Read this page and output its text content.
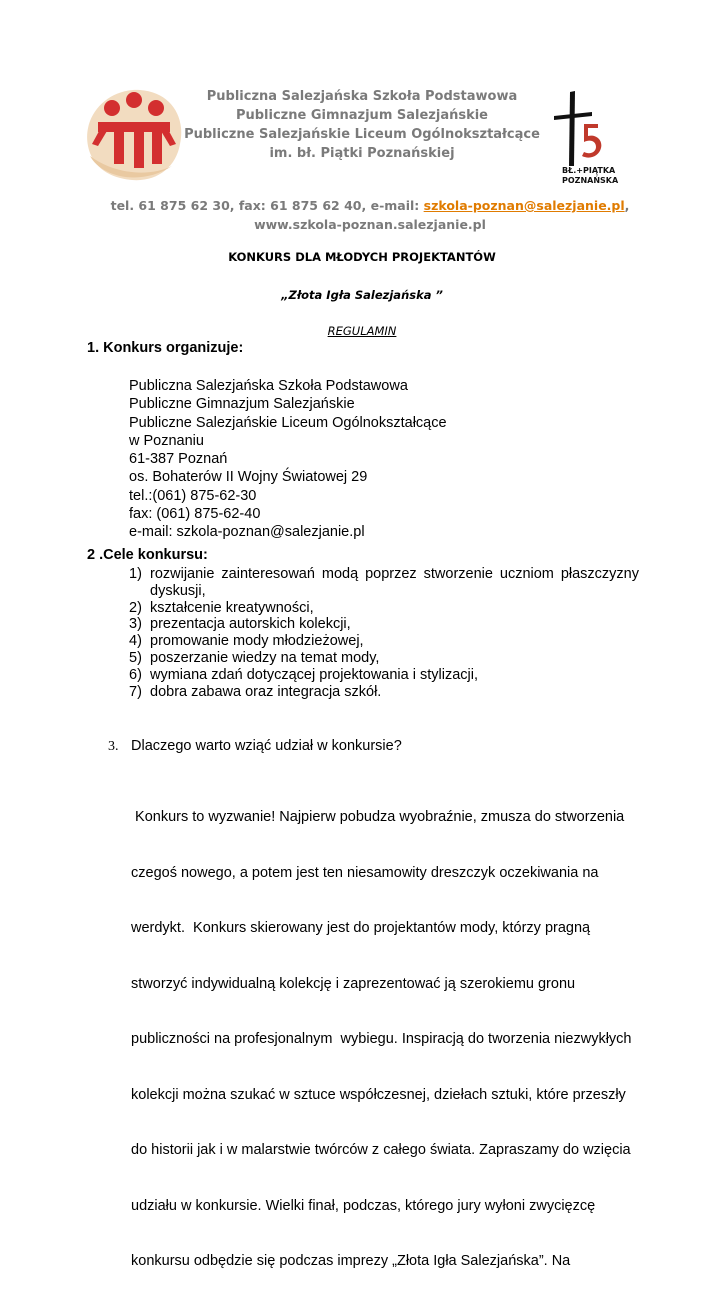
Publiczna Salezjańska Szkoła Podstawowa
Publiczne Gimnazjum Salezjańskie
Publiczne Salezjańskie Liceum Ogólnokształcące
im. bł. Piątki Poznańskiej
BŁ.+PIĄTKA
POZNAŃSKA
tel. 61 875 62 30, fax: 61 875 62 40, e-mail: szkola-poznan@salezjanie.pl,
www.szkola-poznan.salezjanie.pl
KONKURS DLA MŁODYCH PROJEKTANTÓW
„Złota Igła Salezjańska ”
REGULAMIN
1. Konkurs organizuje:
Publiczna Salezjańska Szkoła Podstawowa
Publiczne Gimnazjum Salezjańskie
Publiczne Salezjańskie Liceum Ogólnokształcące
w Poznaniu
61-387 Poznań
os. Bohaterów II Wojny Światowej 29
tel.:(061) 875-62-30
fax: (061) 875-62-40
e-mail: szkola-poznan@salezjanie.pl
2 .Cele konkursu:
1) rozwijanie zainteresowań modą poprzez stworzenie uczniom płaszczyzny dyskusji,
2) kształcenie kreatywności,
3) prezentacja autorskich kolekcji,
4) promowanie mody młodzieżowej,
5) poszerzanie wiedzy na temat mody,
6) wymiana zdań dotyczącej projektowania i stylizacji,
7) dobra zabawa oraz integracja szkół.
3. Dlaczego warto wziąć udział w konkursie?

Konkurs to wyzwanie! Najpierw pobudza wyobraźnie, zmusza do stworzenia

czegoś nowego, a potem jest ten niesamowity dreszczyk oczekiwania na

werdykt.  Konkurs skierowany jest do projektantów mody, którzy pragną

stworzyć indywidualną kolekcję i zaprezentować ją szerokiemu gronu

publiczności na profesjonalnym  wybiegu. Inspiracją do tworzenia niezwykłych

kolekcji można szukać w sztuce współczesnej, dziełach sztuki, które przeszły

do historii jak i w malarstwie twórców z całego świata. Zapraszamy do wzięcia

udziału w konkursie. Wielki finał, podczas, którego jury wyłoni zwycięzcę

konkursu odbędzie się podczas imprezy „Złota Igła Salezjańska”. Na
